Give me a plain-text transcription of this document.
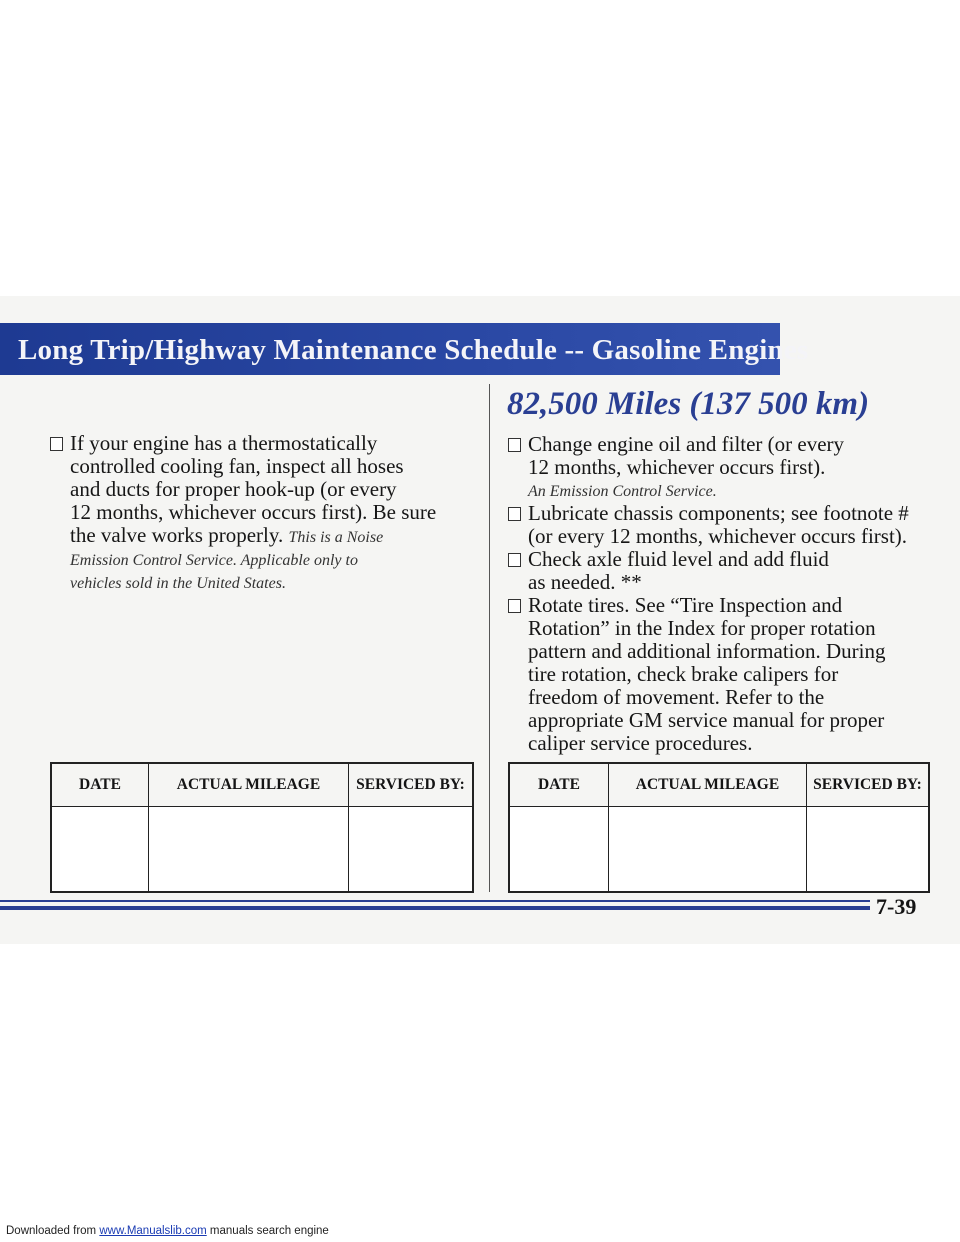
Long Trip/Highway Maintenance Schedule -- Gasoline Engines
If your engine has a thermostatically
controlled cooling fan, inspect all hoses
and ducts for proper hook-up (or every
12 months, whichever occurs first). Be sure
the valve works properly. This is a Noise
Emission Control Service. Applicable only to
vehicles sold in the United States.
DATE	ACTUAL MILEAGE	SERVICED BY:

82,500 Miles (137 500 km)
Change engine oil and filter (or every
12 months, whichever occurs first).
An Emission Control Service.
Lubricate chassis components; see footnote #
(or every 12 months, whichever occurs first).
Check axle fluid level and add fluid
as needed. **
Rotate tires. See “Tire Inspection and
Rotation” in the Index for proper rotation
pattern and additional information. During
tire rotation, check brake calipers for
freedom of movement. Refer to the
appropriate GM service manual for proper
caliper service procedures.
DATE	ACTUAL MILEAGE	SERVICED BY:

7-39
Downloaded from www.Manualslib.com manuals search engine
